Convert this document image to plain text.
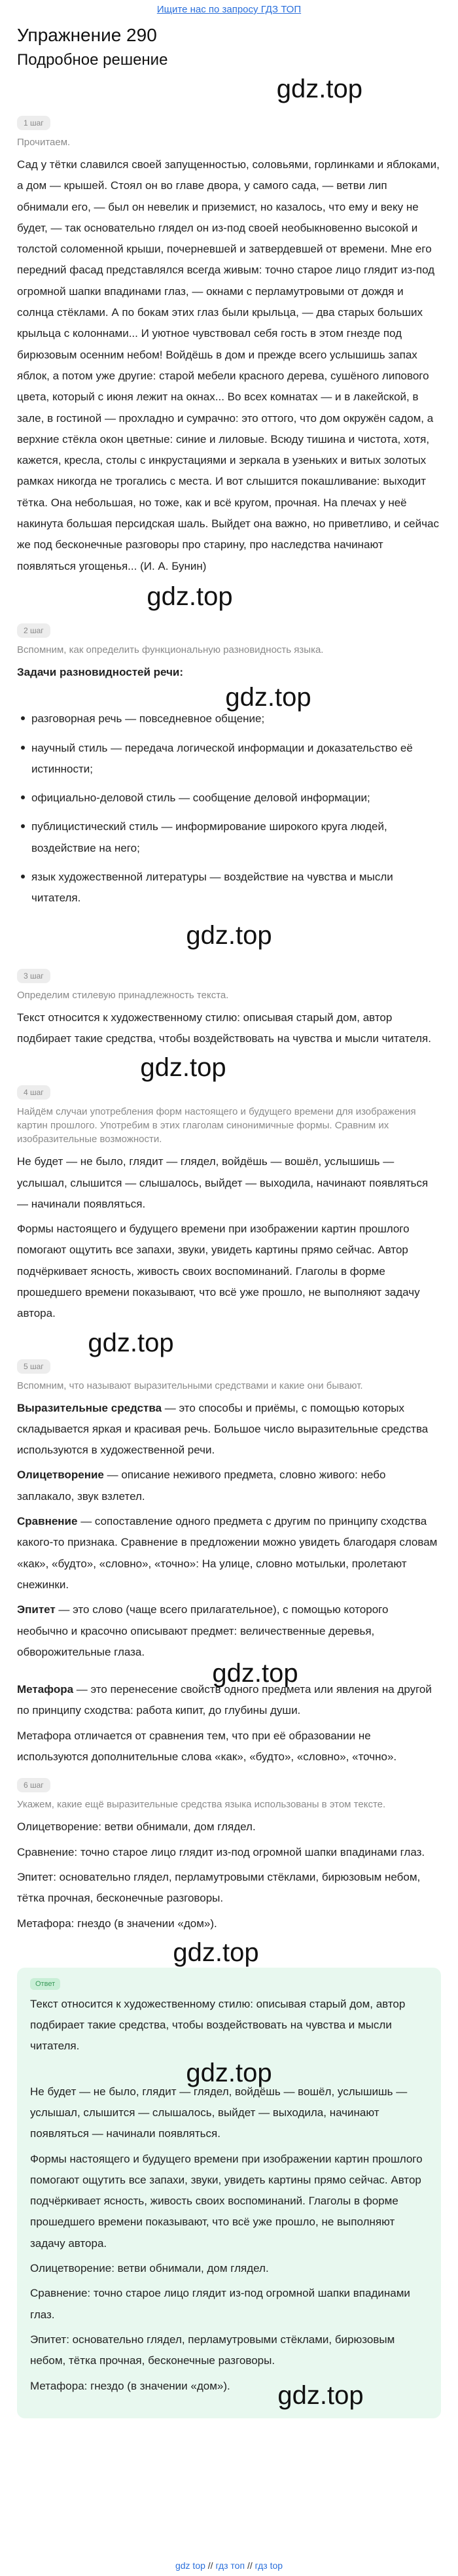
Ищите нас по запросу ГДЗ ТОП
Упражнение 290
Подробное решение
gdz.top
1 шаг
Прочитаем.

Сад у тётки славился своей запущенностью, соловьями, горлинками и яблоками, а дом — крышей. Стоял он во главе двора, у самого сада, — ветви лип обнимали его, — был он невелик и приземист, но казалось, что ему и веку не будет, — так основательно глядел он из-под своей необыкновенно высокой и толстой соломенной крыши, почерневшей и затвердевшей от времени. Мне его передний фасад представлялся всегда живым: точно старое лицо глядит из-под огромной шапки впадинами глаз, — окнами с перламутровыми от дождя и солнца стёклами. А по бокам этих глаз были крыльца, — два старых больших крыльца с колоннами... И уютное чувствовал себя гость в этом гнезде под бирюзовым осенним небом! Войдёшь в дом и прежде всего услышишь запах яблок, а потом уже другие: старой мебели красного дерева, сушёного липового цвета, который с июня лежит на окнах... Во всех комнатах — и в лакейской, в зале, в гостиной — прохладно и сумрачно: это оттого, что дом окружён садом, а верхние стёкла окон цветные: синие и лиловые. Всюду тишина и чистота, хотя, кажется, кресла, столы с инкрустациями и зеркала в узеньких и витых золотых рамках никогда не трогались с места. И вот слышится покашливание: выходит тётка. Она небольшая, но тоже, как и всё кругом, прочная. На плечах у неё накинута большая персидская шаль. Выйдет она важно, но приветливо, и сейчас же под бесконечные разговоры про старину, про наследства начинают появляться угощенья... (И. А. Бунин)

gdz.top
2 шаг
Вспомним, как определить функциональную разновидность языка.
Задачи разновидностей речи:
gdz.top
разговорная речь — повседневное общение;
научный стиль — передача логической информации и доказательство её истинности;
официально-деловой стиль — сообщение деловой информации;
публицистический стиль — информирование широкого круга людей, воздействие на него;
язык художественной литературы — воздействие на чувства и мысли читателя.
gdz.top
3 шаг
Определим стилевую принадлежность текста.

Текст относится к художественному стилю: описывая старый дом, автор подбирает такие средства, чтобы воздействовать на чувства и мысли читателя.

gdz.top
4 шаг
Найдём случаи употребления форм настоящего и будущего времени для изображения картин прошлого. Употребим в этих глаголам синонимичные формы. Сравним их изобразительные возможности.

Не будет — не было, глядит — глядел, войдёшь — вошёл, услышишь — услышал, слышится — слышалось, выйдет — выходила, начинают появляться — начинали появляться.

Формы настоящего и будущего времени при изображении картин прошлого помогают ощутить все запахи, звуки, увидеть картины прямо сейчас. Автор подчёркивает ясность, живость своих воспоминаний. Глаголы в форме прошедшего времени показывают, что всё уже прошло, не выполняют задачу автора.

gdz.top
5 шаг
Вспомним, что называют выразительными средствами и какие они бывают.

Выразительные средства — это способы и приёмы, с помощью которых складывается яркая и красивая речь. Большое число выразительные средства используются в художественной речи.

Олицетворение — описание неживого предмета, словно живого: небо заплакало, звук взлетел.

Сравнение — сопоставление одного предмета с другим по принципу сходства какого-то признака. Сравнение в предложении можно увидеть благодаря словам «как», «будто», «словно», «точно»: На улице, словно мотыльки, пролетают снежинки.

Эпитет — это слово (чаще всего прилагательное), с помощью которого необычно и красочно описывают предмет: величественные деревья, обворожительные глаза.

gdz.top

Метафора — это перенесение свойств одного предмета или явления на другой по принципу сходства: работа кипит, до глубины души.

Метафора отличается от сравнения тем, что при её образовании не используются дополнительные слова «как», «будто», «словно», «точно».

6 шаг
Укажем, какие ещё выразительные средства языка использованы в этом тексте.

Олицетворение: ветви обнимали, дом глядел.

Сравнение: точно старое лицо глядит из-под огромной шапки впадинами глаз.

Эпитет: основательно глядел, перламутровыми стёклами, бирюзовым небом, тётка прочная, бесконечные разговоры.

Метафора: гнездо (в значении «дом»).

gdz.top
Ответ

Текст относится к художественному стилю: описывая старый дом, автор подбирает такие средства, чтобы воздействовать на чувства и мысли читателя.

gdz.top

Не будет — не было, глядит — глядел, войдёшь — вошёл, услышишь — услышал, слышится — слышалось, выйдет — выходила, начинают появляться — начинали появляться.

Формы настоящего и будущего времени при изображении картин прошлого помогают ощутить все запахи, звуки, увидеть картины прямо сейчас. Автор подчёркивает ясность, живость своих воспоминаний. Глаголы в форме прошедшего времени показывают, что всё уже прошло, не выполняют задачу автора.

Олицетворение: ветви обнимали, дом глядел.

Сравнение: точно старое лицо глядит из-под огромной шапки впадинами глаз.

Эпитет: основательно глядел, перламутровыми стёклами, бирюзовым небом, тётка прочная, бесконечные разговоры.

Метафора: гнездо (в значении «дом»).	gdz.top
gdz top // гдз топ // гдз top
